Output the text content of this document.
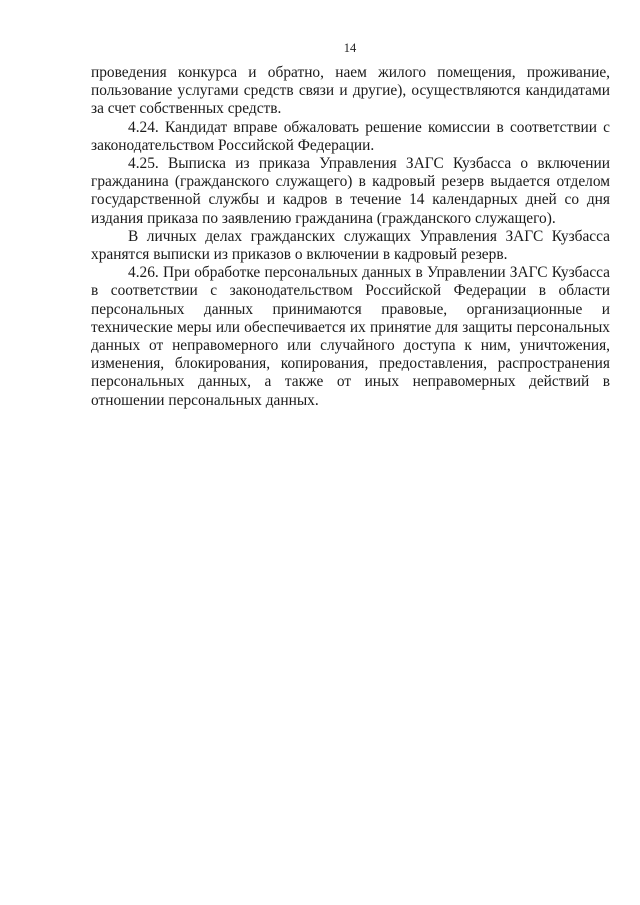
14

проведения конкурса и обратно, наем жилого помещения, проживание, пользование услугами средств связи и другие), осуществляются кандидатами за счет собственных средств.

4.24. Кандидат вправе обжаловать решение комиссии в соответствии с законодательством Российской Федерации.

4.25. Выписка из приказа Управления ЗАГС Кузбасса о включении гражданина (гражданского служащего) в кадровый резерв выдается отделом государственной службы и кадров в течение 14 календарных дней со дня издания приказа по заявлению гражданина (гражданского служащего).

В личных делах гражданских служащих Управления ЗАГС Кузбасса хранятся выписки из приказов о включении в кадровый резерв.

4.26. При обработке персональных данных в Управлении ЗАГС Кузбасса в соответствии с законодательством Российской Федерации в области персональных данных принимаются правовые, организационные и технические меры или обеспечивается их принятие для защиты персональных данных от неправомерного или случайного доступа к ним, уничтожения, изменения, блокирования, копирования, предоставления, распространения персональных данных, а также от иных неправомерных действий в отношении персональных данных.
